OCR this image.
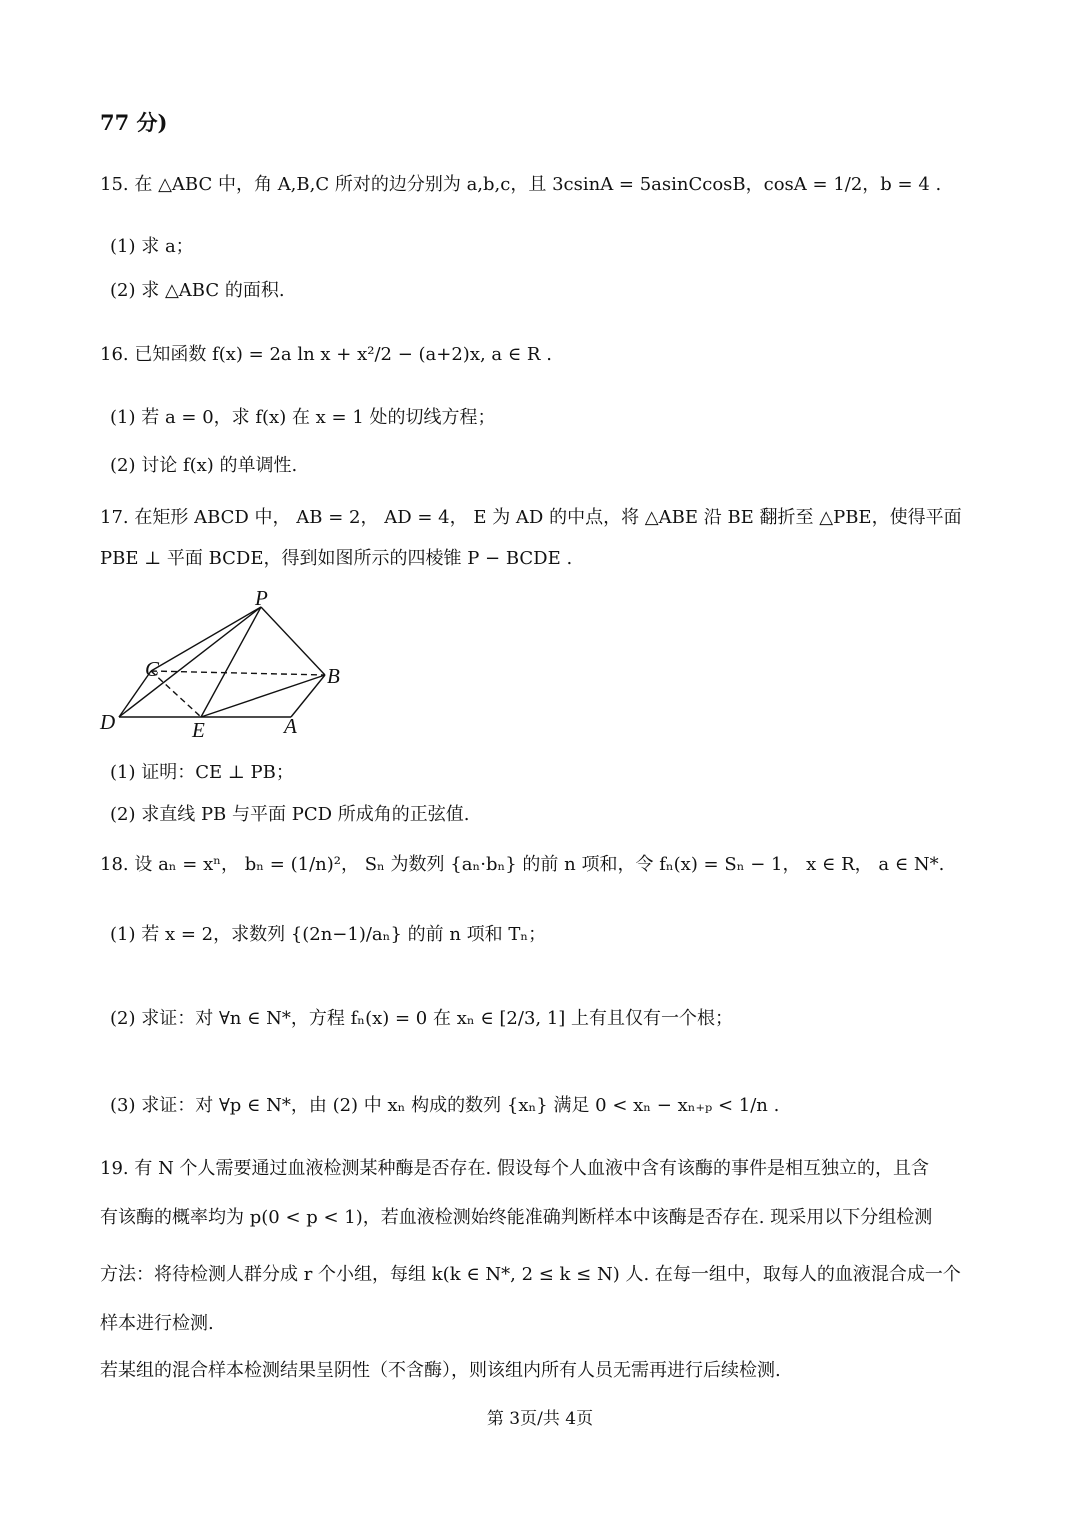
77 分)
15. 在 △ABC 中，角 A,B,C 所对的边分别为 a,b,c，且 3csinA = 5asinCcosB，cosA = 1/2，b = 4 .
(1) 求 a；
(2) 求 △ABC 的面积.
16. 已知函数 f(x) = 2a ln x + x²/2 − (a+2)x, a ∈ R .
(1) 若 a = 0，求 f(x) 在 x = 1 处的切线方程；
(2) 讨论 f(x) 的单调性.
17. 在矩形 ABCD 中， AB = 2， AD = 4， E 为 AD 的中点，将 △ABE 沿 BE 翻折至 △PBE，使得平面
PBE ⊥ 平面 BCDE，得到如图所示的四棱锥 P − BCDE .
P
C	B
D	E	A
(1) 证明：CE ⊥ PB；
(2) 求直线 PB 与平面 PCD 所成角的正弦值.
18. 设 aₙ = xⁿ， bₙ = (1/n)²， Sₙ 为数列 {aₙ·bₙ} 的前 n 项和，令 fₙ(x) = Sₙ − 1， x ∈ R， a ∈ N*.
(1) 若 x = 2，求数列 {(2n−1)/aₙ} 的前 n 项和 Tₙ；
(2) 求证：对 ∀n ∈ N*，方程 fₙ(x) = 0 在 xₙ ∈ [2/3, 1] 上有且仅有一个根；
(3) 求证：对 ∀p ∈ N*，由 (2) 中 xₙ 构成的数列 {xₙ} 满足 0 < xₙ − xₙ₊ₚ < 1/n .
19. 有 N 个人需要通过血液检测某种酶是否存在. 假设每个人血液中含有该酶的事件是相互独立的，且含
有该酶的概率均为 p(0 < p < 1)，若血液检测始终能准确判断样本中该酶是否存在. 现采用以下分组检测
方法：将待检测人群分成 r 个小组，每组 k(k ∈ N*, 2 ≤ k ≤ N) 人. 在每一组中，取每人的血液混合成一个
样本进行检测.
若某组的混合样本检测结果呈阴性（不含酶），则该组内所有人员无需再进行后续检测.
第 3页/共 4页
